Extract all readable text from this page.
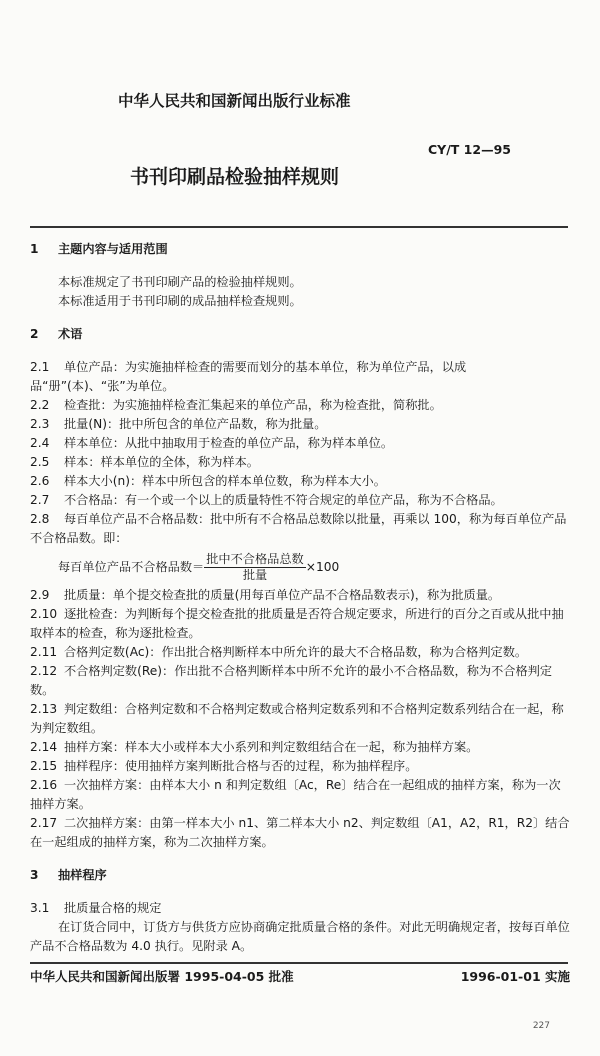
中华人民共和国新闻出版行业标准
CY/T 12—95
书刊印刷品检验抽样规则
1 主题内容与适用范围
本标准规定了书刊印刷产品的检验抽样规则。
本标准适用于书刊印刷的成品抽样检查规则。
2 术语
2.1 单位产品：为实施抽样检查的需要而划分的基本单位，称为单位产品，以成品“册”(本)、“张”为单位。
2.2 检查批：为实施抽样检查汇集起来的单位产品，称为检查批，简称批。
2.3 批量(N)：批中所包含的单位产品数，称为批量。
2.4 样本单位：从批中抽取用于检查的单位产品，称为样本单位。
2.5 样本：样本单位的全体，称为样本。
2.6 样本大小(n)：样本中所包含的样本单位数，称为样本大小。
2.7 不合格品：有一个或一个以上的质量特性不符合规定的单位产品，称为不合格品。
2.8 每百单位产品不合格品数：批中所有不合格品总数除以批量，再乘以 100，称为每百单位产品不合格品数。即：
每百单位产品不合格品数＝ $\frac{\text{批中不合格品总数}}{\text{批量}} \times 100$
2.9 批质量：单个提交检查批的质量(用每百单位产品不合格品数表示)，称为批质量。
2.10 逐批检查：为判断每个提交检查批的批质量是否符合规定要求，所进行的百分之百或从批中抽取样本的检查，称为逐批检查。
2.11 合格判定数(Ac)：作出批合格判断样本中所允许的最大不合格品数，称为合格判定数。
2.12 不合格判定数(Re)：作出批不合格判断样本中所不允许的最小不合格品数，称为不合格判定数。
2.13 判定数组：合格判定数和不合格判定数或合格判定数系列和不合格判定数系列结合在一起，称为判定数组。
2.14 抽样方案：样本大小或样本大小系列和判定数组结合在一起，称为抽样方案。
2.15 抽样程序：使用抽样方案判断批合格与否的过程，称为抽样程序。
2.16 一次抽样方案：由样本大小 n 和判定数组〔Ac，Re〕结合在一起组成的抽样方案，称为一次抽样方案。
2.17 二次抽样方案：由第一样本大小 n1、第二样本大小 n2、判定数组〔A1，A2，R1，R2〕结合在一起组成的抽样方案，称为二次抽样方案。
3 抽样程序
3.1 批质量合格的规定
在订货合同中，订货方与供货方应协商确定批质量合格的条件。对此无明确规定者，按每百单位产品不合格品数为 4.0 执行。见附录 A。
中华人民共和国新闻出版署 1995-04-05 批准	1996-01-01 实施
227
